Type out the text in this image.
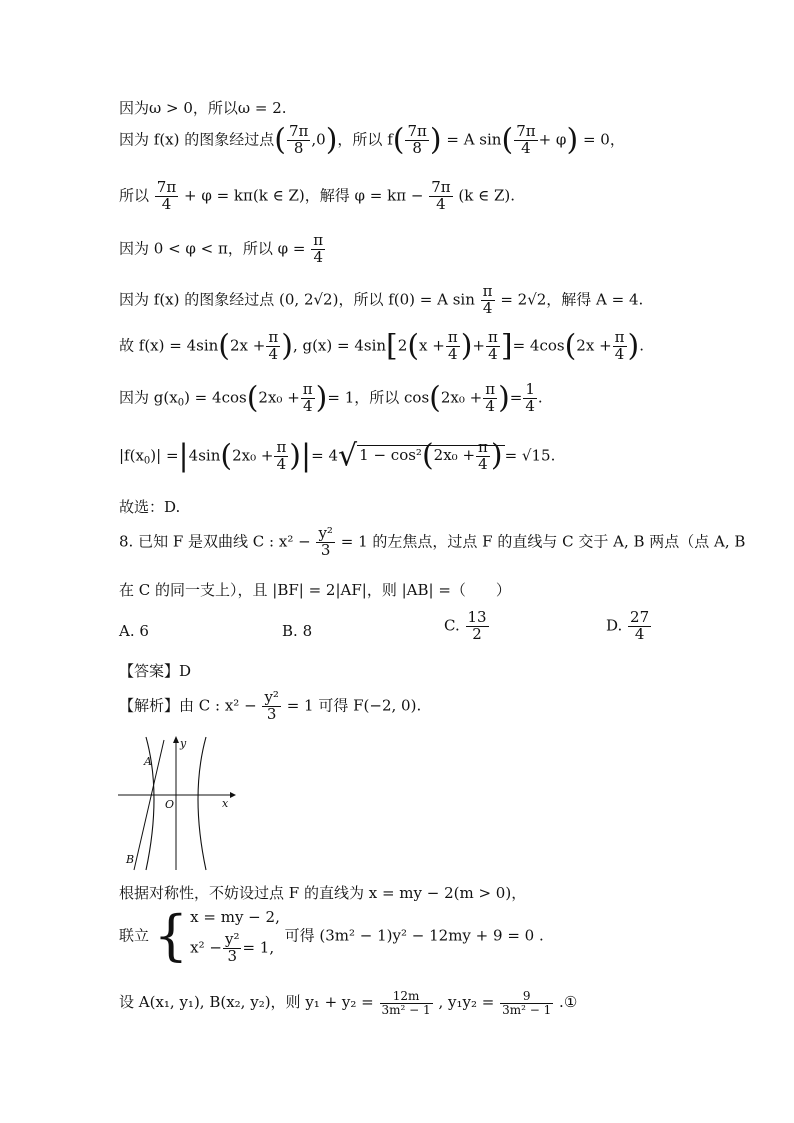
因为ω > 0，所以ω = 2.
因为 f(x) 的图象经过点( $\frac{7\pi}{8} ,0$)，所以 $f( \frac{7\pi}{8}$ ) = A $\sin( \frac{7\pi}{4} + \varphi) = 0$，
所以 $\frac{7\pi}{4} + \varphi = k\pi(k$ ∈ Z)，解得 $\varphi = k\pi - \frac{7\pi}{4} (k$ ∈ Z).
因为 0 < φ < π，所以 $\varphi = \frac{\pi}{4}$
因为 f(x) 的图象经过点 (0, 2√2)，所以 f(0) = A $\sin \frac{\pi}{4} = 2√2$，解得 A = 4.
故 $f(x) = 4\sin(2x + \frac{\pi}{4}$ ), $g(x) = 4\sin[2(x + \frac{\pi}{4}$ )+ $\frac{\pi}{4}$ ]= $4\cos(2x + \frac{\pi}{4}$ ).
因为 $g(x_0) = 4\cos(2x_0 + \frac{\pi}{4}$ )= 1，所以 $\cos(2x_0 + \frac{\pi}{4}$ )= $\frac{1}{4}$ .
$|f(x_0)| =|4\sin(2x_0 + \frac{\pi}{4}$ )|= 4√ $1 - \cos^2(2x_0 + \frac{\pi}{4}$ ) = √15.
故选：D.
8. 已知 F 是双曲线 C : $x^2 - \frac{\text{y²}}{3} = 1$ 的左焦点，过点 F 的直线与 C 交于 A, B 两点（点 A, B
在 C 的同一支上），且 |BF| = 2|AF|，则 |AB| =（　　）
A. 6	B. 8	C. $\frac{13}{2}$	D. $\frac{27}{4}$
【答案】D
【解析】由 C : $x^2 - \frac{\text{y²}}{3} = 1$ 可得 F(−2, 0).
y
A
O	x
B
根据对称性，不妨设过点 F 的直线为 x = my − 2(m > 0)，
联立 { x = my − 2,
$x^2 - \frac{\text{y²}}{3} = 1$,
可得 (3m² − 1)y² − 12my + 9 = 0 .
设 A(x₁, y₁), B(x₂, y₂)，则 $y_1 + y_2 = \frac{12m}{\text{3m² − 1}}$ , $y_1y_2 = \frac{9}{\text{3m² − 1}}$ .①
